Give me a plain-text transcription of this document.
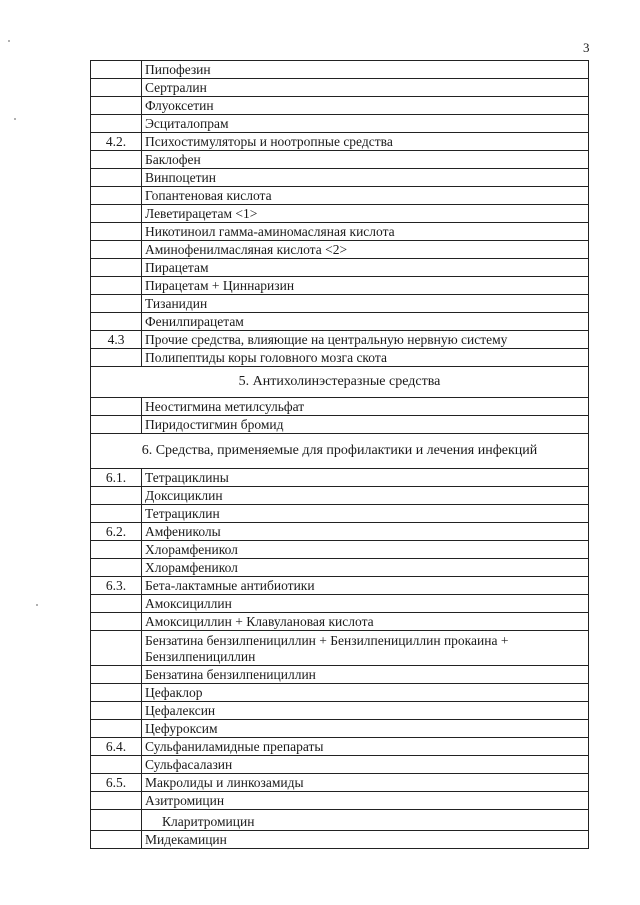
3
	Пипофезин
	Сертралин
	Флуоксетин
	Эсциталопрам
4.2.	Психостимуляторы и ноотропные средства
	Баклофен
	Винпоцетин
	Гопантеновая кислота
	Леветирацетам <1>
	Никотиноил гамма-аминомасляная кислота
	Аминофенилмасляная кислота <2>
	Пирацетам
	Пирацетам + Циннаризин
	Тизанидин
	Фенилпирацетам
4.3	Прочие средства, влияющие на центральную нервную систему
	Полипептиды коры головного мозга скота
5. Антихолинэстеразные средства	
	Неостигмина метилсульфат
	Пиридостигмин бромид
6. Средства, применяемые для профилактики и лечения инфекций	
6.1.	Тетрациклины
	Доксициклин
	Тетрациклин
6.2.	Амфениколы
	Хлорамфеникол
	Хлорамфеникол
6.3.	Бета-лактамные антибиотики
	Амоксициллин
	Амоксициллин + Клавулановая кислота
	Бензатина бензилпенициллин + Бензилпенициллин прокаина + Бензилпенициллин
	Бензатина бензилпенициллин
	Цефаклор
	Цефалексин
	Цефуроксим
6.4.	Сульфаниламидные препараты
	Сульфасалазин
6.5.	Макролиды и линкозамиды
	Азитромицин
	Кларитромицин
	Мидекамицин
